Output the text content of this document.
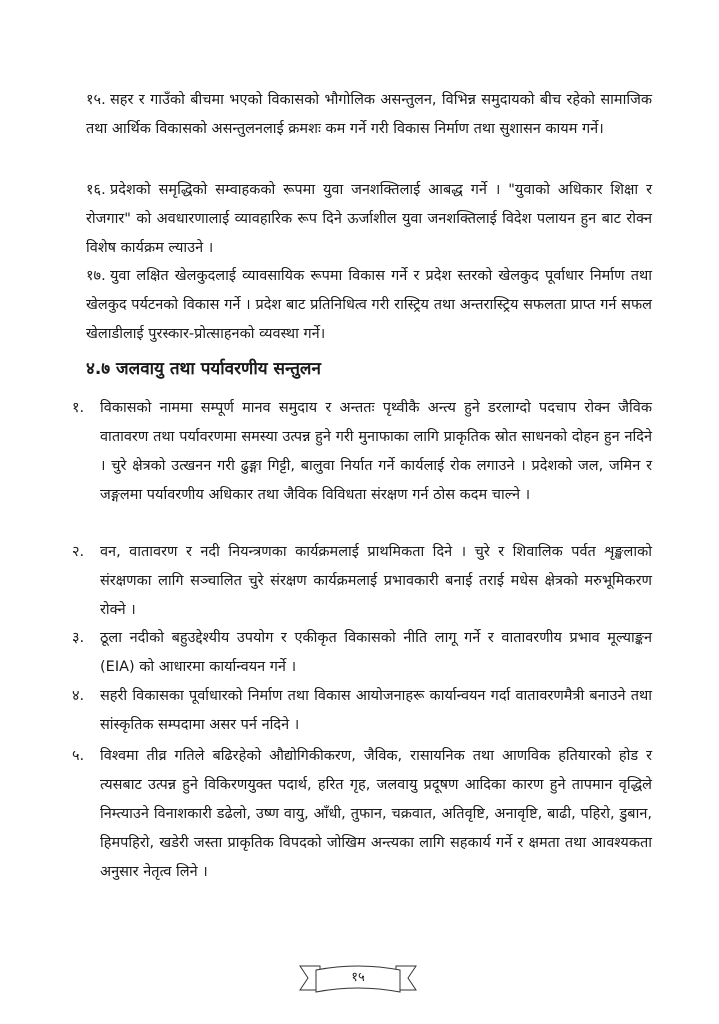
१५. सहर र गाउँको बीचमा भएको विकासको भौगोलिक असन्तुलन, विभिन्न समुदायको बीच रहेको सामाजिक तथा आर्थिक विकासको असन्तुलनलाई क्रमशः कम गर्ने गरी विकास निर्माण तथा सुशासन कायम गर्ने।

१६. प्रदेशको समृद्धिको सम्वाहकको रूपमा युवा जनशक्तिलाई आबद्ध गर्ने । "युवाको अधिकार शिक्षा र रोजगार" को अवधारणालाई व्यावहारिक रूप दिने ऊर्जाशील युवा जनशक्तिलाई विदेश पलायन हुन बाट रोक्न विशेष कार्यक्रम ल्याउने ।

१७. युवा लक्षित खेलकुदलाई व्यावसायिक रूपमा विकास गर्ने र प्रदेश स्तरको खेलकुद पूर्वाधार निर्माण तथा खेलकुद पर्यटनको विकास गर्ने । प्रदेश बाट प्रतिनिधित्व गरी रास्ट्रिय तथा अन्तरास्ट्रिय सफलता प्राप्त गर्न सफल खेलाडीलाई पुरस्कार-प्रोत्साहनको व्यवस्था गर्ने।

४.७ जलवायु तथा पर्यावरणीय सन्तुलन

१.	विकासको नाममा सम्पूर्ण मानव समुदाय र अन्ततः पृथ्वीकै अन्त्य हुने डरलाग्दो पदचाप रोक्न जैविक वातावरण तथा पर्यावरणमा समस्या उत्पन्न हुने गरी मुनाफाका लागि प्राकृतिक स्रोत साधनको दोहन हुन नदिने । चुरे क्षेत्रको उत्खनन गरी ढुङ्गा गिट्टी, बालुवा निर्यात गर्ने कार्यलाई रोक लगाउने । प्रदेशको जल, जमिन र जङ्गलमा पर्यावरणीय अधिकार तथा जैविक विविधता संरक्षण गर्न ठोस कदम चाल्ने ।

२.	वन, वातावरण र नदी नियन्त्रणका कार्यक्रमलाई प्राथमिकता दिने । चुरे र शिवालिक पर्वत शृङ्खलाको संरक्षणका लागि सञ्चालित चुरे संरक्षण कार्यक्रमलाई प्रभावकारी बनाई तराई मधेस क्षेत्रको मरुभूमिकरण रोक्ने ।

३.	ठूला नदीको बहुउद्देश्यीय उपयोग र एकीकृत विकासको नीति लागू गर्ने र वातावरणीय प्रभाव मूल्याङ्कन (EIA) को आधारमा कार्यान्वयन गर्ने ।

४.	सहरी विकासका पूर्वाधारको निर्माण तथा विकास आयोजनाहरू कार्यान्वयन गर्दा वातावरणमैत्री बनाउने तथा सांस्कृतिक सम्पदामा असर पर्न नदिने ।

५.	विश्वमा तीव्र गतिले बढिरहेको औद्योगिकीकरण, जैविक, रासायनिक तथा आणविक हतियारको होड र त्यसबाट उत्पन्न हुने विकिरणयुक्त पदार्थ, हरित गृह, जलवायु प्रदूषण आदिका कारण हुने तापमान वृद्धिले निम्त्याउने विनाशकारी डढेलो, उष्ण वायु, आँधी, तुफान, चक्रवात, अतिवृष्टि, अनावृष्टि, बाढी, पहिरो, डुबान, हिमपहिरो, खडेरी जस्ता प्राकृतिक विपदको जोखिम अन्त्यका लागि सहकार्य गर्ने र क्षमता तथा आवश्यकता अनुसार नेतृत्व लिने ।

१५
